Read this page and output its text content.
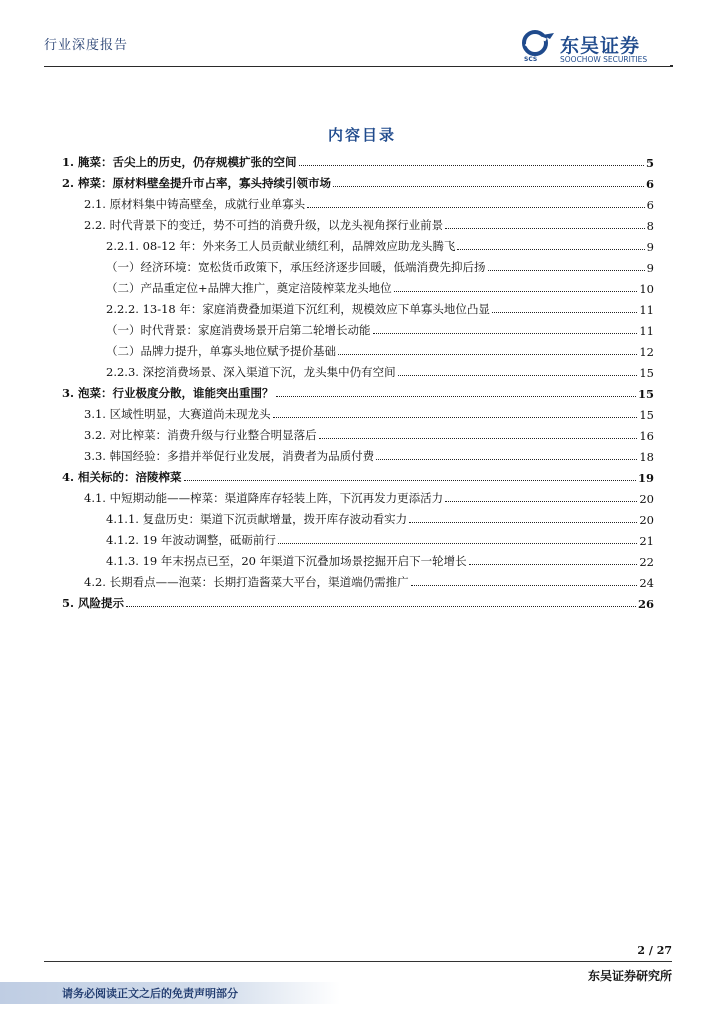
行业深度报告
SCS
东吴证券
SOOCHOW SECURITIES
内容目录
1. 腌菜：舌尖上的历史，仍存规模扩张的空间	5
2. 榨菜：原材料壁垒提升市占率，寡头持续引领市场	6
2.1. 原材料集中铸高壁垒，成就行业单寡头	6
2.2. 时代背景下的变迁，势不可挡的消费升级，以龙头视角探行业前景	8
2.2.1. 08-12 年：外来务工人员贡献业绩红利，品牌效应助龙头腾飞	9
（一）经济环境：宽松货币政策下，承压经济逐步回暖，低端消费先抑后扬	9
（二）产品重定位+品牌大推广，奠定涪陵榨菜龙头地位	10
2.2.2. 13-18 年：家庭消费叠加渠道下沉红利，规模效应下单寡头地位凸显	11
（一）时代背景：家庭消费场景开启第二轮增长动能	11
（二）品牌力提升，单寡头地位赋予提价基础	12
2.2.3. 深挖消费场景、深入渠道下沉，龙头集中仍有空间	15
3. 泡菜：行业极度分散，谁能突出重围？	15
3.1. 区域性明显，大赛道尚未现龙头	15
3.2. 对比榨菜：消费升级与行业整合明显落后	16
3.3. 韩国经验：多措并举促行业发展，消费者为品质付费	18
4. 相关标的：涪陵榨菜	19
4.1. 中短期动能——榨菜：渠道降库存轻装上阵，下沉再发力更添活力	20
4.1.1. 复盘历史：渠道下沉贡献增量，拨开库存波动看实力	20
4.1.2. 19 年波动调整，砥砺前行	21
4.1.3. 19 年末拐点已至，20 年渠道下沉叠加场景挖掘开启下一轮增长	22
4.2. 长期看点——泡菜：长期打造酱菜大平台，渠道端仍需推广	24
5. 风险提示	26
2 / 27
东吴证券研究所
请务必阅读正文之后的免责声明部分
